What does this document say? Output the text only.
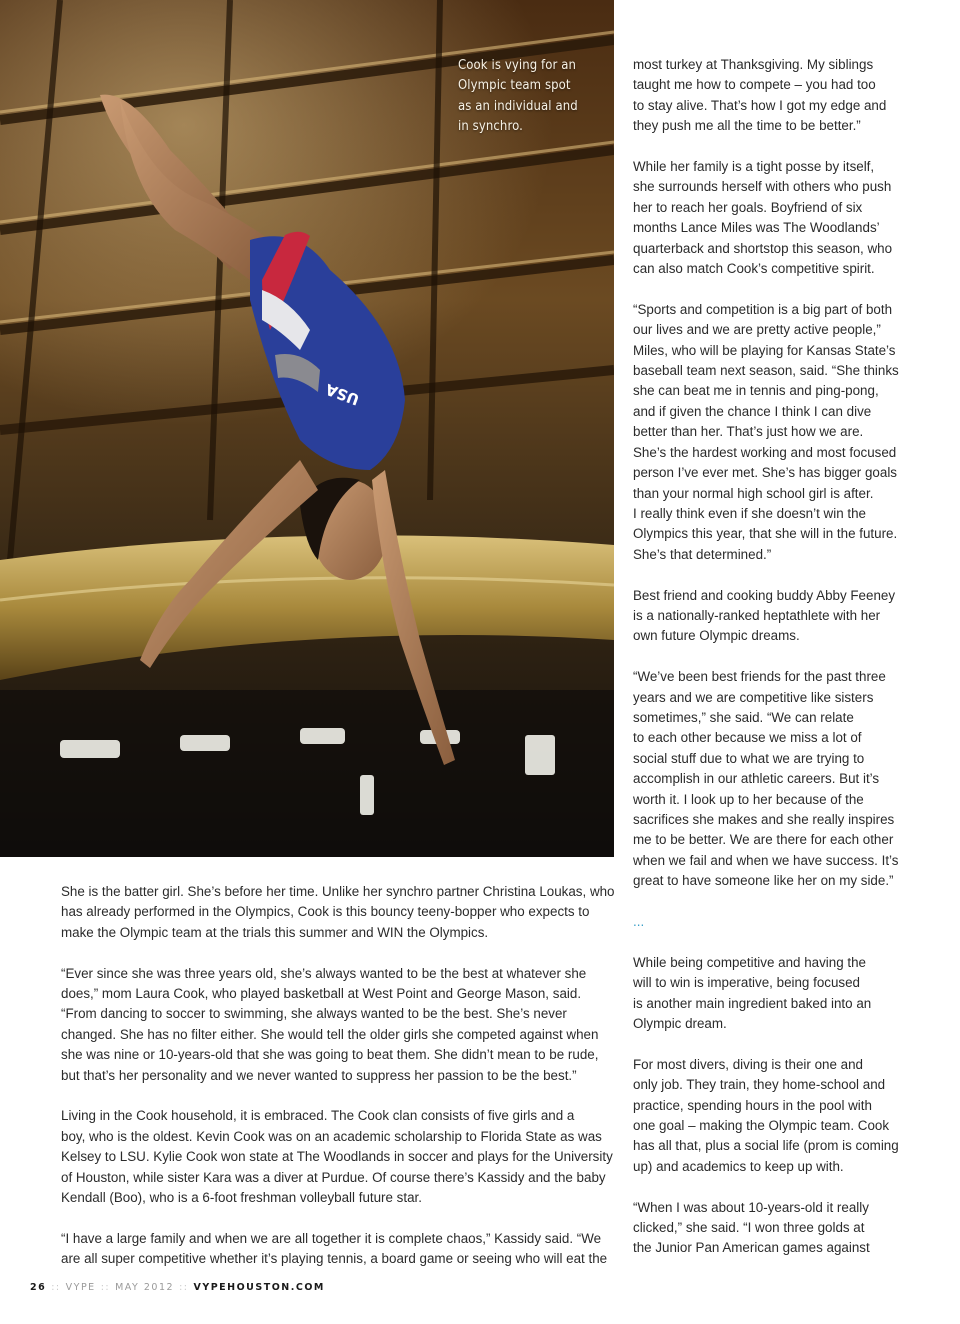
USA
Cook is vying for an
Olympic team spot
as an individual and
in synchro.

most turkey at Thanksgiving. My siblings
taught me how to compete – you had too
to stay alive. That’s how I got my edge and
they push me all the time to be better.”

While her family is a tight posse by itself,
she surrounds herself with others who push
her to reach her goals. Boyfriend of six
months Lance Miles was The Woodlands’
quarterback and shortstop this season, who
can also match Cook’s competitive spirit.

“Sports and competition is a big part of both
our lives and we are pretty active people,”
Miles, who will be playing for Kansas State’s
baseball team next season, said. “She thinks
she can beat me in tennis and ping-pong,
and if given the chance I think I can dive
better than her. That’s just how we are.
She’s the hardest working and most focused
person I’ve ever met. She’s has bigger goals
than your normal high school girl is after.
I really think even if she doesn’t win the
Olympics this year, that she will in the future.
She’s that determined.”

Best friend and cooking buddy Abby Feeney
is a nationally-ranked heptathlete with her
own future Olympic dreams.

“We’ve been best friends for the past three
years and we are competitive like sisters
sometimes,” she said. “We can relate
to each other because we miss a lot of
social stuff due to what we are trying to
accomplish in our athletic careers. But it’s
worth it. I look up to her because of the
sacrifices she makes and she really inspires
me to be better. We are there for each other
when we fail and when we have success. It’s
great to have someone like her on my side.”

...

While being competitive and having the
will to win is imperative, being focused
is another main ingredient baked into an
Olympic dream.

For most divers, diving is their one and
only job. They train, they home-school and
practice, spending hours in the pool with
one goal – making the Olympic team. Cook
has all that, plus a social life (prom is coming
up) and academics to keep up with.

“When I was about 10-years-old it really
clicked,” she said. “I won three golds at
the Junior Pan American games against

She is the batter girl. She’s before her time. Unlike her synchro partner Christina Loukas, who
has already performed in the Olympics, Cook is this bouncy teeny-bopper who expects to
make the Olympic team at the trials this summer and WIN the Olympics.

“Ever since she was three years old, she’s always wanted to be the best at whatever she
does,” mom Laura Cook, who played basketball at West Point and George Mason, said.
“From dancing to soccer to swimming, she always wanted to be the best. She’s never
changed. She has no filter either. She would tell the older girls she competed against when
she was nine or 10-years-old that she was going to beat them. She didn’t mean to be rude,
but that’s her personality and we never wanted to suppress her passion to be the best.”

Living in the Cook household, it is embraced. The Cook clan consists of five girls and a
boy, who is the oldest. Kevin Cook was on an academic scholarship to Florida State as was
Kelsey to LSU. Kylie Cook won state at The Woodlands in soccer and plays for the University
of Houston, while sister Kara was a diver at Purdue. Of course there’s Kassidy and the baby
Kendall (Boo), who is a 6-foot freshman volleyball future star.

“I have a large family and when we are all together it is complete chaos,” Kassidy said. “We
are all super competitive whether it’s playing tennis, a board game or seeing who will eat the

26 :: VYPE :: MAY 2012 :: VYPEHOUSTON.COM
